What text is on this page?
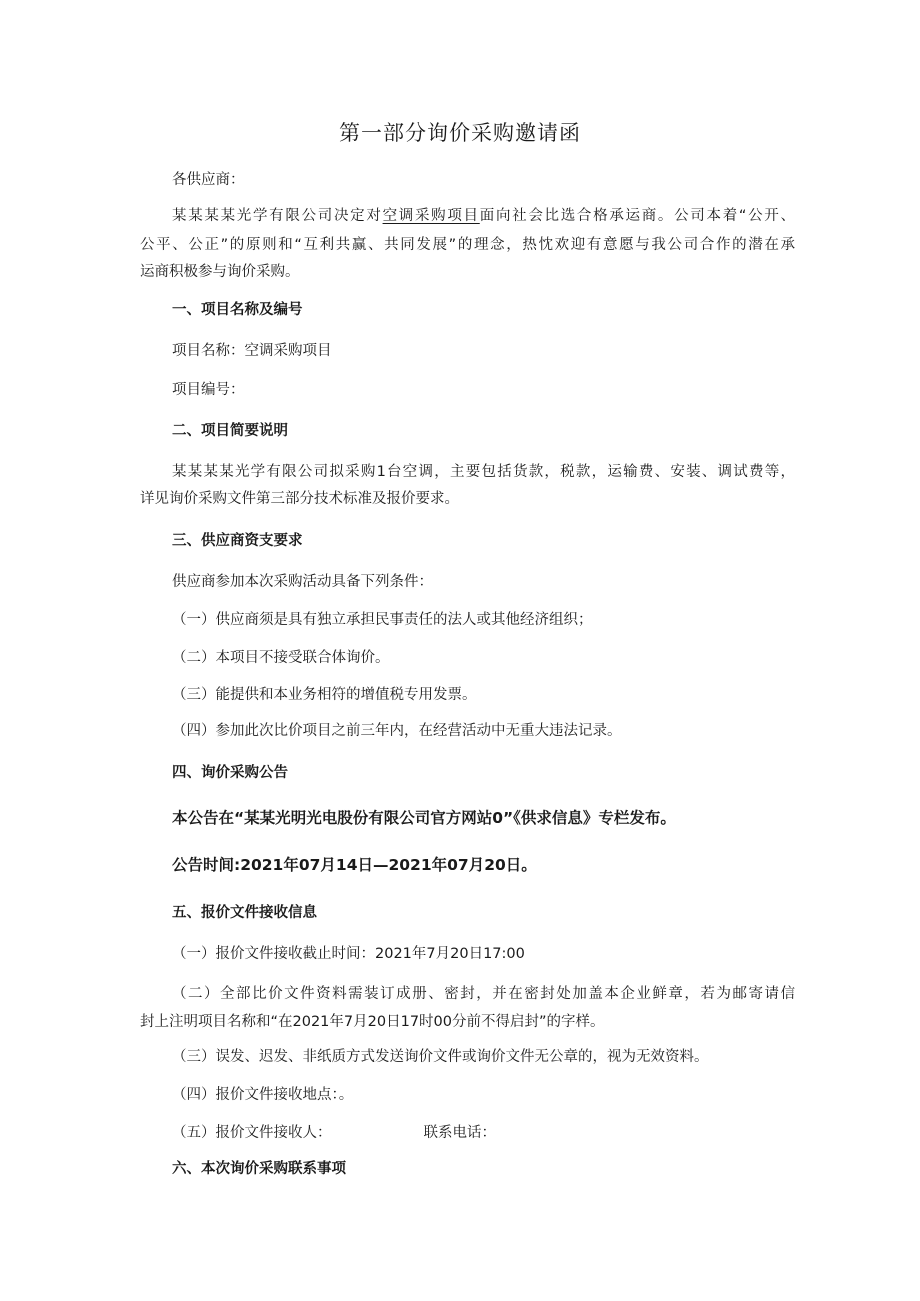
第一部分询价采购邀请函
各供应商：
某某某某光学有限公司决定对空调采购项目面向社会比选合格承运商。公司本着“公开、
公平、公正”的原则和“互利共赢、共同发展”的理念，热忱欢迎有意愿与我公司合作的潜在承
运商积极参与询价采购。
一、项目名称及编号
项目名称：空调采购项目
项目编号：
二、项目简要说明
某某某某光学有限公司拟采购1台空调，主要包括货款，税款，运输费、安装、调试费等，
详见询价采购文件第三部分技术标准及报价要求。
三、供应商资支要求
供应商参加本次采购活动具备下列条件：
（一）供应商须是具有独立承担民事责任的法人或其他经济组织；
（二）本项目不接受联合体询价。
（三）能提供和本业务相符的增值税专用发票。
（四）参加此次比价项目之前三年内，在经营活动中无重大违法记录。
四、询价采购公告
本公告在“某某光明光电股份有限公司官方网站0”《供求信息》专栏发布。
公告时间:2021年07月14日—2021年07月20日。
五、报价文件接收信息
（一）报价文件接收截止时间：2021年7月20日17:00
（二）全部比价文件资料需装订成册、密封，并在密封处加盖本企业鲜章，若为邮寄请信
封上注明项目名称和“在2021年7月20日17时00分前不得启封”的字样。
（三）误发、迟发、非纸质方式发送询价文件或询价文件无公章的，视为无效资料。
（四）报价文件接收地点：。
（五）报价文件接收人：	联系电话：
六、本次询价采购联系事项
